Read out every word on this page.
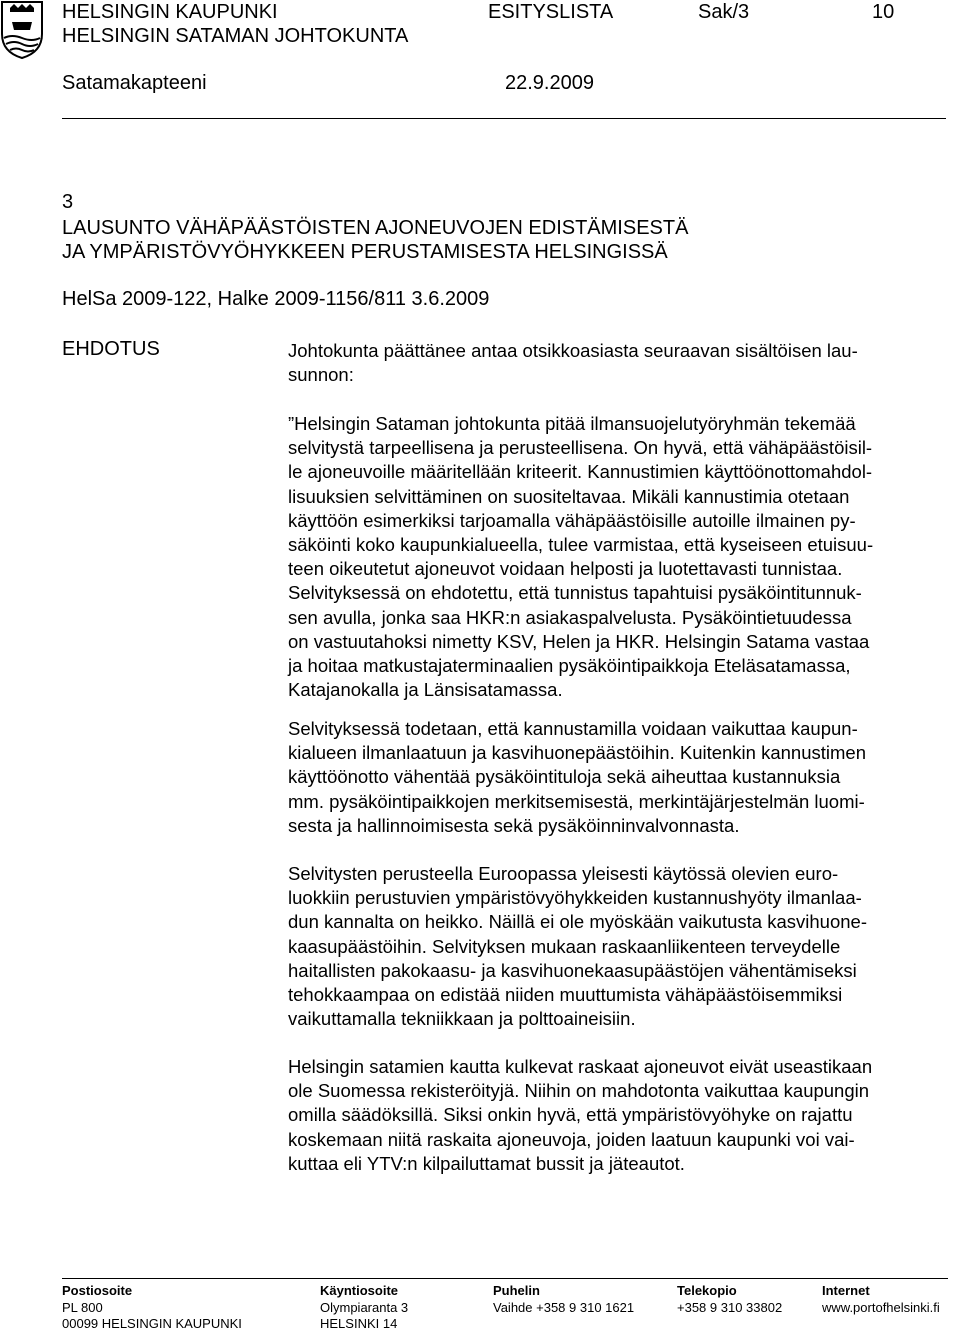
HELSINGIN KAUPUNKI
HELSINGIN SATAMAN JOHTOKUNTA
ESITYSLISTA	Sak/3	10
Satamakapteeni	22.9.2009
3
LAUSUNTO VÄHÄPÄÄSTÖISTEN AJONEUVOJEN EDISTÄMISESTÄ
JA YMPÄRISTÖVYÖHYKKEEN PERUSTAMISESTA HELSINGISSÄ
HelSa 2009-122, Halke 2009-1156/811 3.6.2009
EHDOTUS	Johtokunta päättänee antaa otsikkoasiasta seuraavan sisältöisen lau-
sunnon:
”Helsingin Sataman johtokunta pitää ilmansuojelutyöryhmän tekemää
selvitystä tarpeellisena ja perusteellisena. On hyvä, että vähäpäästöisil-
le ajoneuvoille määritellään kriteerit. Kannustimien käyttöönottomahdol-
lisuuksien selvittäminen on suositeltavaa. Mikäli kannustimia otetaan
käyttöön esimerkiksi tarjoamalla vähäpäästöisille autoille ilmainen py-
säköinti koko kaupunkialueella, tulee varmistaa, että kyseiseen etuisuu-
teen oikeutetut ajoneuvot voidaan helposti ja luotettavasti tunnistaa.
Selvityksessä on ehdotettu, että tunnistus tapahtuisi pysäköintitunnuk-
sen avulla, jonka saa HKR:n asiakaspalvelusta. Pysäköintietuudessa
on vastuutahoksi nimetty KSV, Helen ja HKR. Helsingin Satama vastaa
ja hoitaa matkustajaterminaalien pysäköintipaikkoja Eteläsatamassa,
Katajanokalla ja Länsisatamassa.
Selvityksessä todetaan, että kannustamilla voidaan vaikuttaa kaupun-
kialueen ilmanlaatuun ja kasvihuonepäästöihin. Kuitenkin kannustimen
käyttöönotto vähentää pysäköintituloja sekä aiheuttaa kustannuksia
mm. pysäköintipaikkojen merkitsemisestä, merkintäjärjestelmän luomi-
sesta ja hallinnoimisesta sekä pysäköinninvalvonnasta.
Selvitysten perusteella Euroopassa yleisesti käytössä olevien euro-
luokkiin perustuvien ympäristövyöhykkeiden kustannushyöty ilmanlaa-
dun kannalta on heikko. Näillä ei ole myöskään vaikutusta kasvihuone-
kaasupäästöihin. Selvityksen mukaan raskaanliikenteen terveydelle
haitallisten pakokaasu- ja kasvihuonekaasupäästöjen vähentämiseksi
tehokkaampaa on edistää niiden muuttumista vähäpäästöisemmiksi
vaikuttamalla tekniikkaan ja polttoaineisiin.
Helsingin satamien kautta kulkevat raskaat ajoneuvot eivät useastikaan
ole Suomessa rekisteröityjä. Niihin on mahdotonta vaikuttaa kaupungin
omilla säädöksillä. Siksi onkin hyvä, että ympäristövyöhyke on rajattu
koskemaan niitä raskaita ajoneuvoja, joiden laatuun kaupunki voi vai-
kuttaa eli YTV:n kilpailuttamat bussit ja jäteautot.
Postiosoite
PL 800
00099 HELSINGIN KAUPUNKI
Käyntiosoite
Olympiaranta 3
HELSINKI 14
Puhelin
Vaihde +358 9 310 1621
Telekopio
+358 9 310 33802
Internet
www.portofhelsinki.fi
